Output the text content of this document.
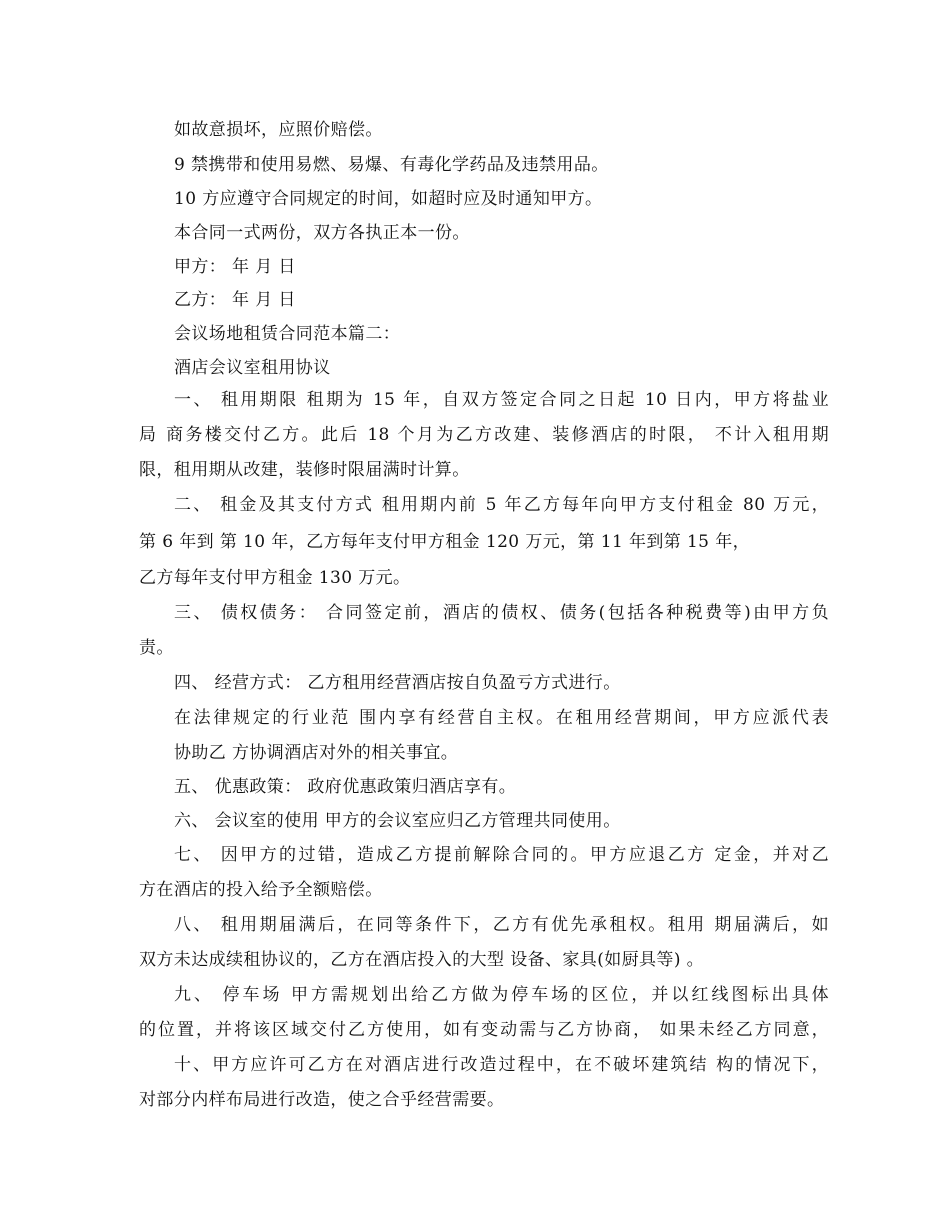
如故意损坏，应照价赔偿。
9 禁携带和使用易燃、易爆、有毒化学药品及违禁用品。
10 方应遵守合同规定的时间，如超时应及时通知甲方。
本合同一式两份，双方各执正本一份。
甲方： 年 月 日
乙方： 年 月 日
会议场地租赁合同范本篇二：
酒店会议室租用协议
一、 租用期限 租期为 15 年，自双方签定合同之日起 10 日内，甲方将盐业
局 商务楼交付乙方。此后 18 个月为乙方改建、装修酒店的时限， 不计入租用期
限，租用期从改建，装修时限届满时计算。
二、 租金及其支付方式 租用期内前 5 年乙方每年向甲方支付租金 80 万元，
第 6 年到 第 10 年，乙方每年支付甲方租金 120 万元，第 11 年到第 15 年，
乙方每年支付甲方租金 130 万元。
三、 债权债务： 合同签定前，酒店的债权、债务(包括各种税费等)由甲方负
责。
四、 经营方式： 乙方租用经营酒店按自负盈亏方式进行。
在法律规定的行业范 围内享有经营自主权。在租用经营期间，甲方应派代表
协助乙 方协调酒店对外的相关事宜。
五、 优惠政策： 政府优惠政策归酒店享有。
六、 会议室的使用 甲方的会议室应归乙方管理共同使用。
七、 因甲方的过错，造成乙方提前解除合同的。甲方应退乙方 定金，并对乙
方在酒店的投入给予全额赔偿。
八、 租用期届满后，在同等条件下，乙方有优先承租权。租用 期届满后，如
双方未达成续租协议的，乙方在酒店投入的大型 设备、家具(如厨具等) 。
九、 停车场 甲方需规划出给乙方做为停车场的区位，并以红线图标出具体
的位置，并将该区域交付乙方使用，如有变动需与乙方协商， 如果未经乙方同意，
十、甲方应许可乙方在对酒店进行改造过程中，在不破坏建筑结 构的情况下，
对部分内样布局进行改造，使之合乎经营需要。
